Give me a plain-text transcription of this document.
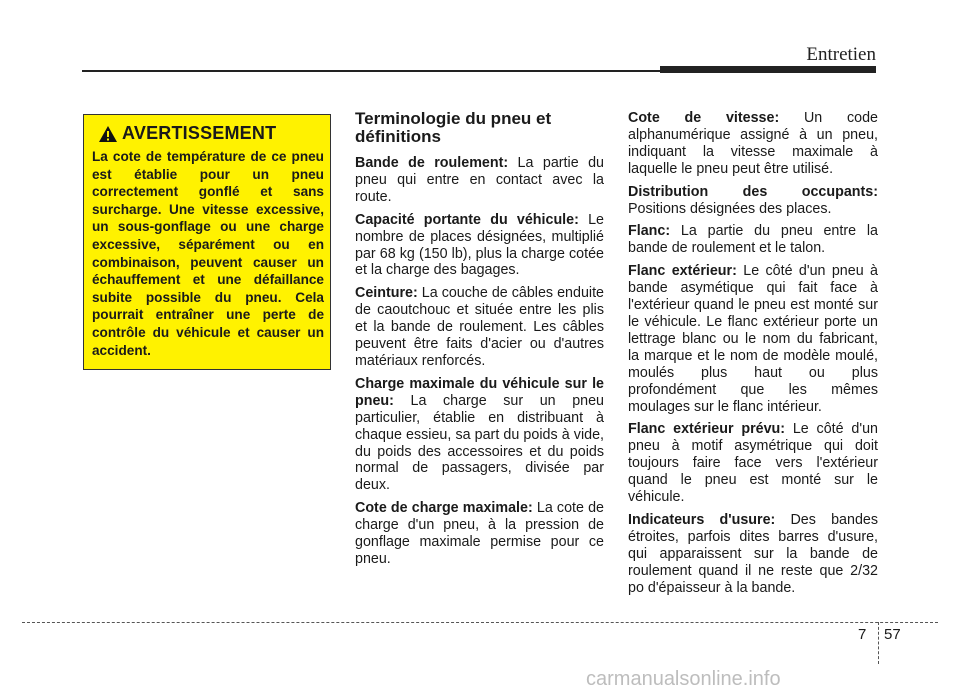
Entretien
AVERTISSEMENT
La cote de température de ce pneu est établie pour un pneu correctement gonflé et sans surcharge. Une vitesse excessive, un sous-gonflage ou une charge excessive, séparément ou en combinaison, peuvent causer un échauffement et une défaillance subite possible du pneu. Cela pourrait entraîner une perte de contrôle du véhicule et causer un accident.
Terminologie du pneu et définitions

Bande de roulement: La partie du pneu qui entre en contact avec la route.

Capacité portante du véhicule: Le nombre de places désignées, multiplié par 68 kg (150 lb), plus la charge cotée et la charge des bagages.

Ceinture: La couche de câbles enduite de caoutchouc et située entre les plis et la bande de roulement. Les câbles peuvent être faits d'acier ou d'autres matériaux renforcés.

Charge maximale du véhicule sur le pneu: La charge sur un pneu particulier, établie en distribuant à chaque essieu, sa part du poids à vide, du poids des accessoires et du poids normal de passagers, divisée par deux.

Cote de charge maximale: La cote de charge d'un pneu, à la pression de gonflage maximale permise pour ce pneu.

Cote de vitesse: Un code alphanumérique assigné à un pneu, indiquant la vitesse maximale à laquelle le pneu peut être utilisé.

Distribution des occupants: Positions désignées des places.

Flanc: La partie du pneu entre la bande de roulement et le talon.

Flanc extérieur: Le côté d'un pneu à bande asymétique qui fait face à l'extérieur quand le pneu est monté sur le véhicule. Le flanc extérieur porte un lettrage blanc ou le nom du fabricant, la marque et le nom de modèle moulé, moulés plus haut ou plus profondément que les mêmes moulages sur le flanc intérieur.

Flanc extérieur prévu: Le côté d'un pneu à motif asymétrique qui doit toujours faire face vers l'extérieur quand le pneu est monté sur le véhicule.

Indicateurs d'usure: Des bandes étroites, parfois dites barres d'usure, qui apparaissent sur la bande de roulement quand il ne reste que 2/32 po d'épaisseur à la bande.

7 57
carmanualsonline.info
